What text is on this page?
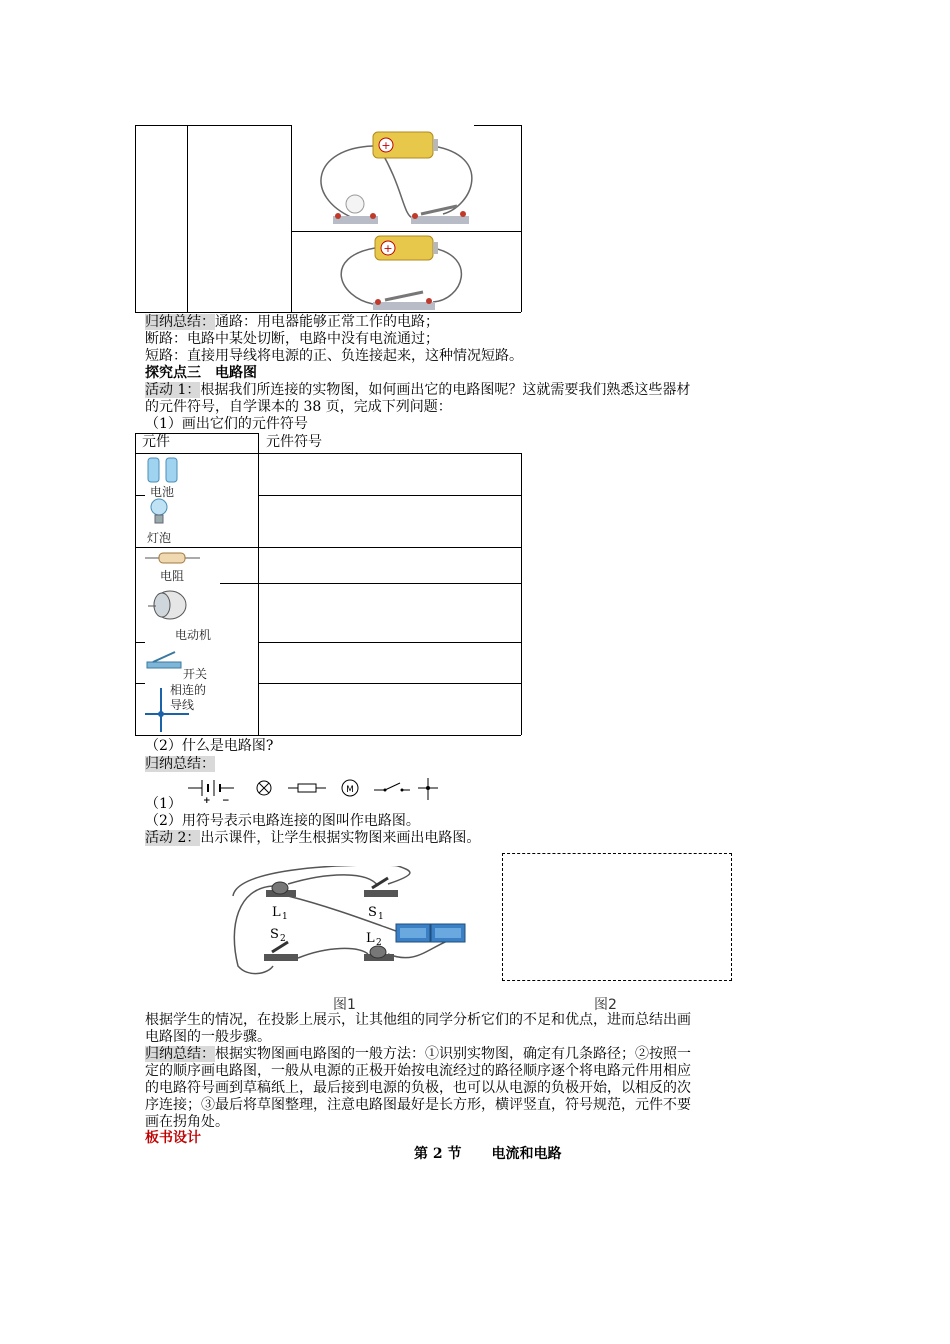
+
+
归纳总结：通路：用电器能够正常工作的电路；
断路：电路中某处切断，电路中没有电流通过；
短路：直接用导线将电源的正、负连接起来，这种情况短路。
探究点三　电路图
活动 1：根据我们所连接的实物图，如何画出它的电路图呢？这就需要我们熟悉这些器材
的元件符号，自学课本的 38 页，完成下列问题：
（1）画出它们的元件符号
元件	元件符号
电池
灯泡
电阻
电动机
开关
相连的
导线
（2）什么是电路图?
归纳总结：
+ −
M
（1）
（2）用符号表示电路连接的图叫作电路图。
活动 2：出示课件，让学生根据实物图来画出电路图。
L 1	S 1
S 2	L 2
图1	图2
根据学生的情况，在投影上展示，让其他组的同学分析它们的不足和优点，进而总结出画
电路图的一般步骤。
归纳总结：根据实物图画电路图的一般方法：①识别实物图，确定有几条路径；②按照一
定的顺序画电路图，一般从电源的正极开始按电流经过的路径顺序逐个将电路元件用相应
的电路符号画到草稿纸上，最后接到电源的负极，也可以从电源的负极开始，以相反的次
序连接；③最后将草图整理，注意电路图最好是长方形，横评竖直，符号规范，元件不要
画在拐角处。
板书设计
第 2 节 电流和电路
